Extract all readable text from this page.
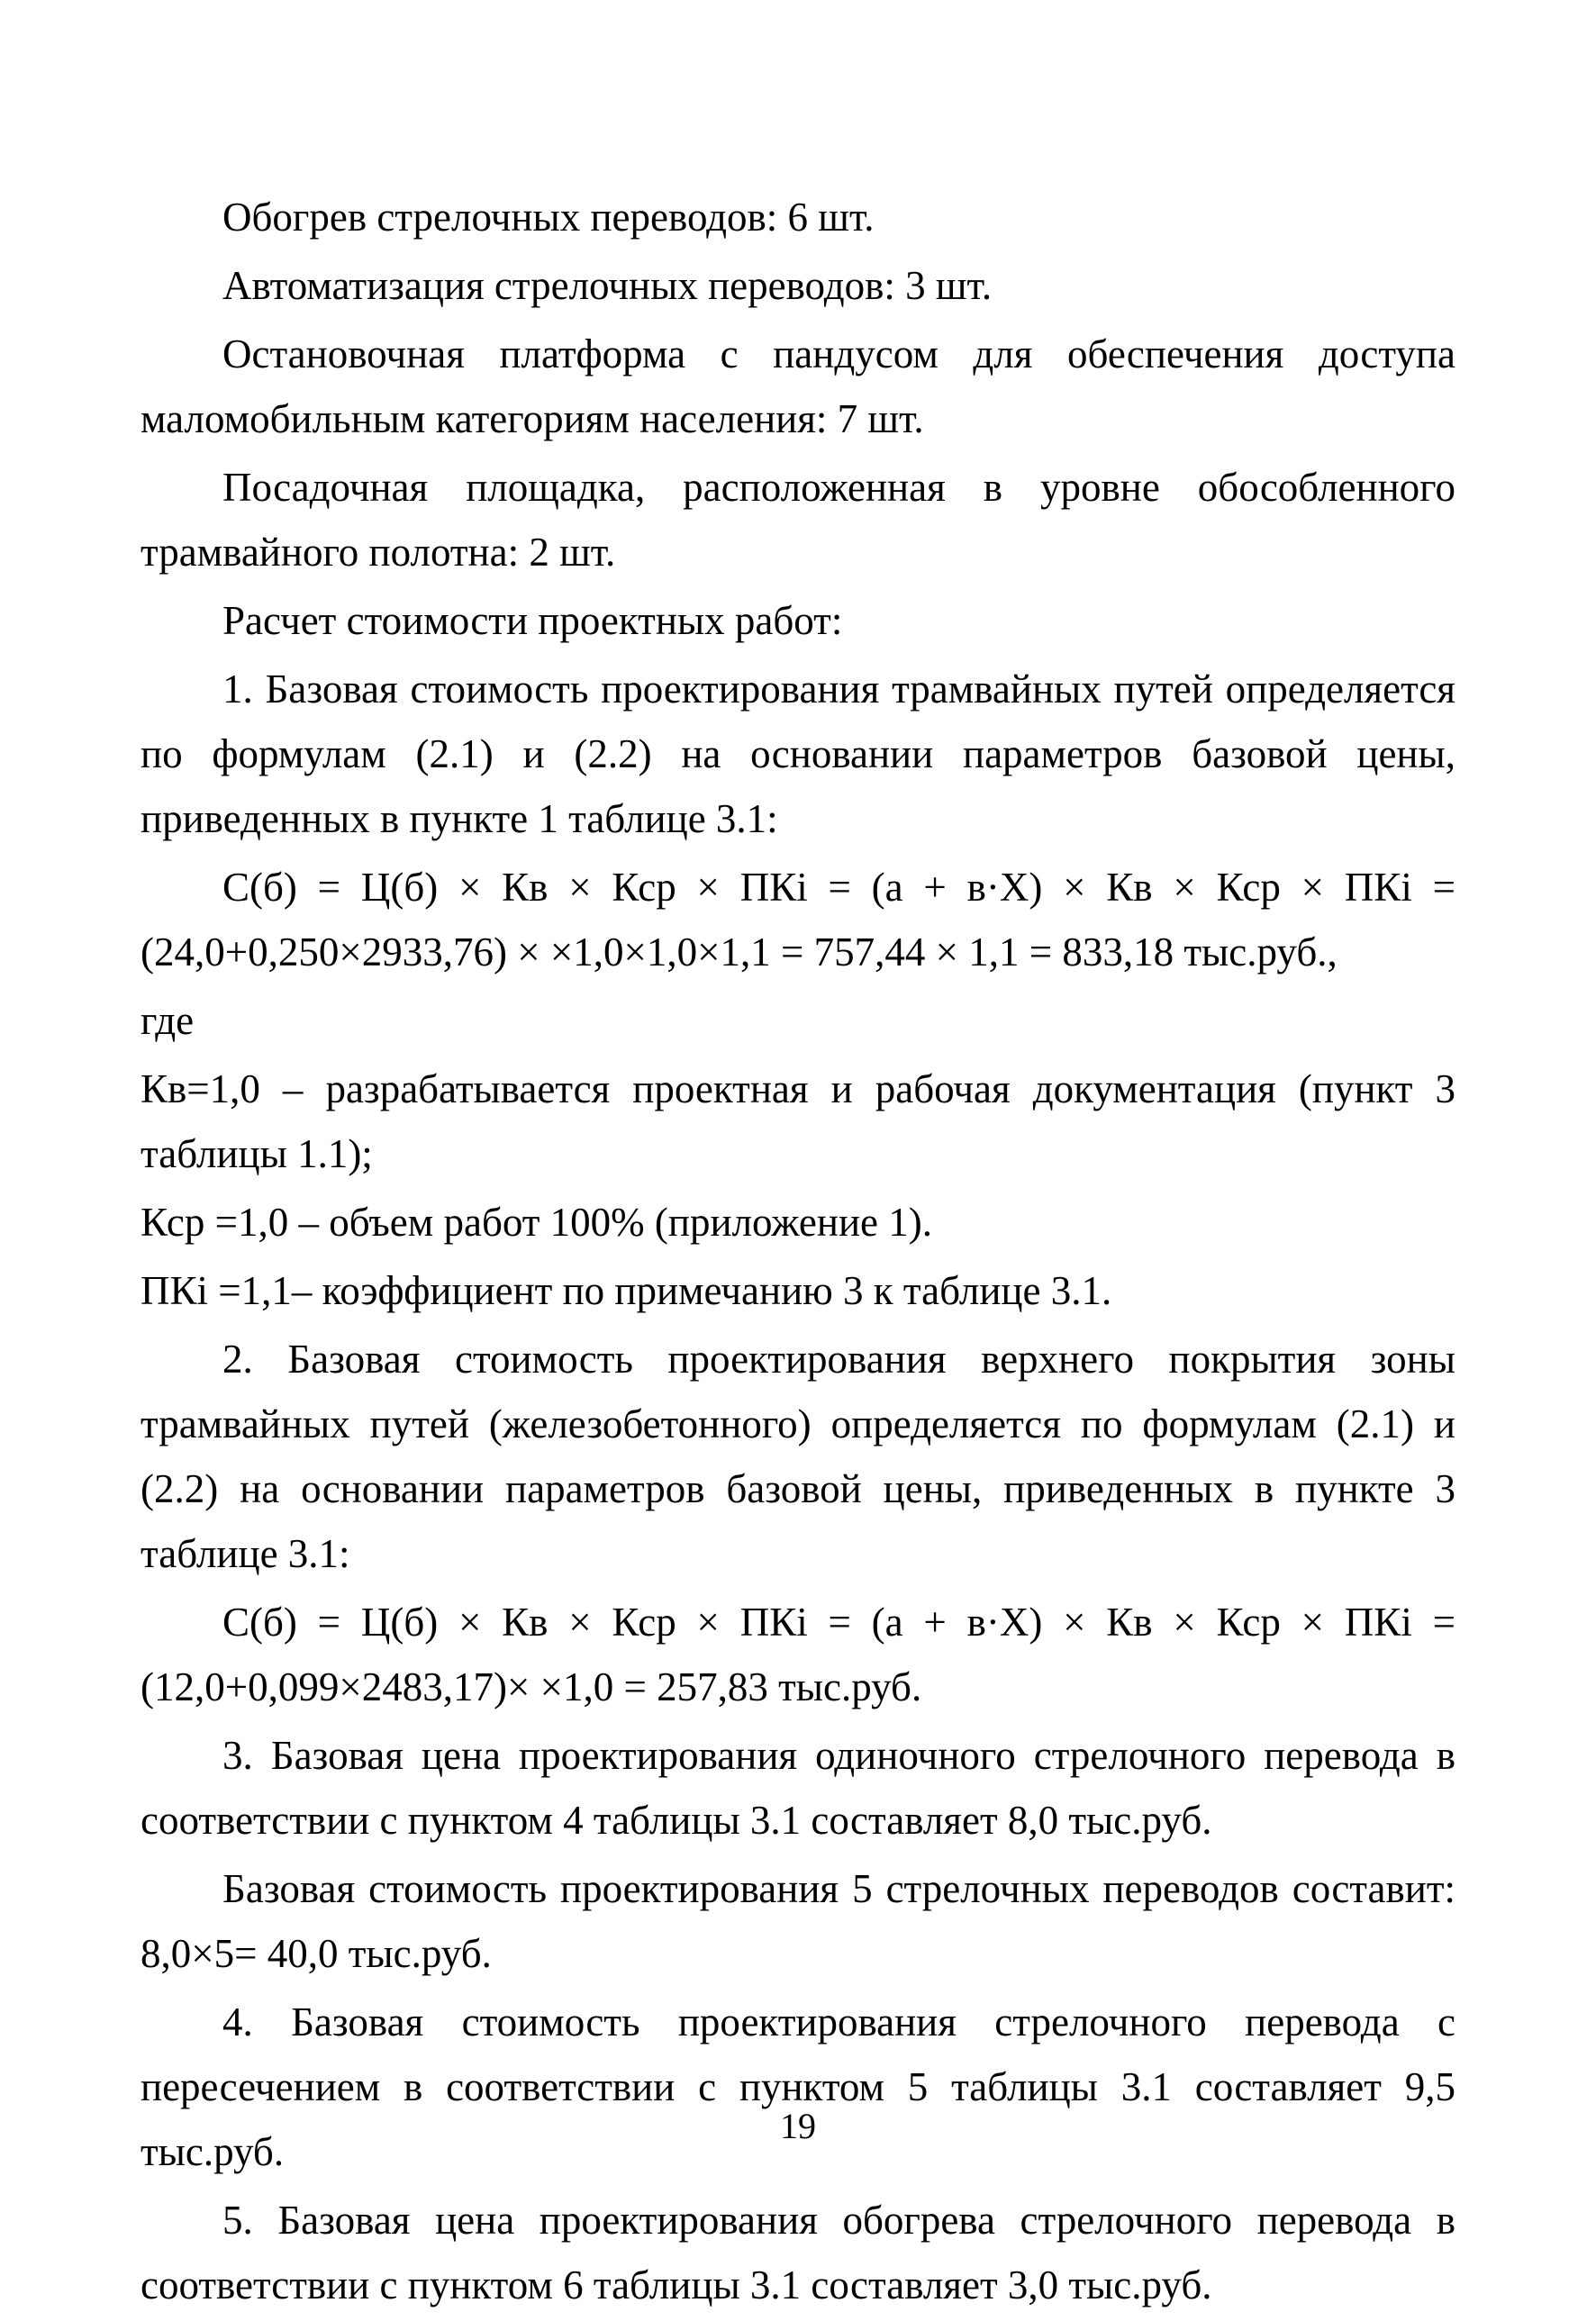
Обогрев стрелочных переводов: 6 шт.

Автоматизация стрелочных переводов: 3 шт.

Остановочная платформа с пандусом для обеспечения доступа маломобильным категориям населения: 7 шт.

Посадочная площадка, расположенная в уровне обособленного трамвайного полотна: 2 шт.

Расчет стоимости проектных работ:

1. Базовая стоимость проектирования трамвайных путей определяется по формулам (2.1) и (2.2) на основании параметров базовой цены, приведенных в пункте 1 таблице 3.1:

С(б) = Ц(б) × Кв × Кср × ПКi = (а + в·Х) × Кв × Кср × ПКi = (24,0+0,250×2933,76) × ×1,0×1,0×1,1 = 757,44 × 1,1 = 833,18 тыс.руб.,

где

Кв=1,0 – разрабатывается проектная и рабочая документация (пункт 3 таблицы 1.1);

Кср =1,0 – объем работ 100% (приложение 1).

ПКi =1,1– коэффициент по примечанию 3 к таблице 3.1.

2. Базовая стоимость проектирования верхнего покрытия зоны трамвайных путей (железобетонного) определяется по формулам (2.1) и (2.2) на основании параметров базовой цены, приведенных в пункте 3 таблице 3.1:

С(б) = Ц(б) × Кв × Кср × ПКi = (а + в·Х) × Кв × Кср × ПКi = (12,0+0,099×2483,17)× ×1,0 = 257,83 тыс.руб.

3. Базовая цена проектирования одиночного стрелочного перевода в соответствии с пунктом 4 таблицы 3.1 составляет 8,0 тыс.руб.

Базовая стоимость проектирования 5 стрелочных переводов составит: 8,0×5= 40,0 тыс.руб.

4. Базовая стоимость проектирования стрелочного перевода с пересечением в соответствии с пунктом 5 таблицы 3.1 составляет 9,5 тыс.руб.

5. Базовая цена проектирования обогрева стрелочного перевода в соответствии с пунктом 6 таблицы 3.1 составляет 3,0 тыс.руб.

19
